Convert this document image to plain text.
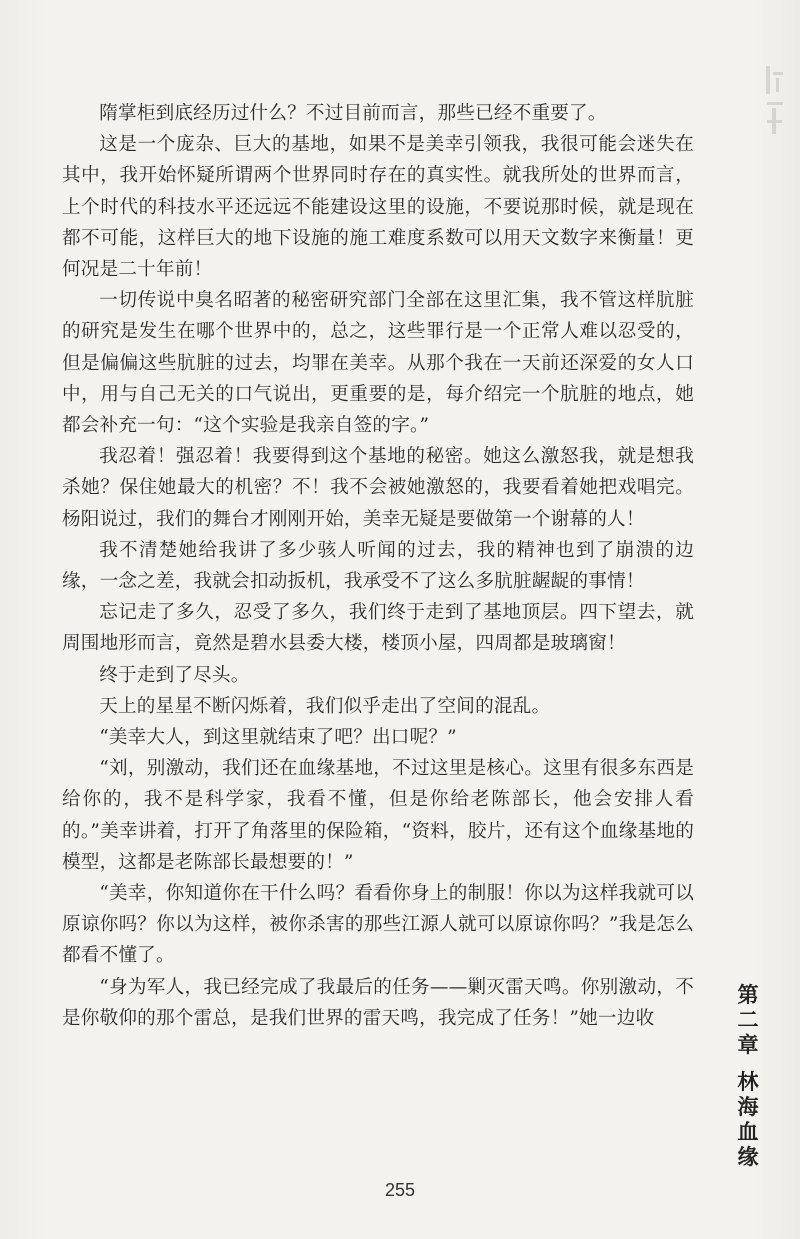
隋掌柜到底经历过什么？不过目前而言，那些已经不重要了。

这是一个庞杂、巨大的基地，如果不是美幸引领我，我很可能会迷失在其中，我开始怀疑所谓两个世界同时存在的真实性。就我所处的世界而言，上个时代的科技水平还远远不能建设这里的设施，不要说那时候，就是现在都不可能，这样巨大的地下设施的施工难度系数可以用天文数字来衡量！更何况是二十年前！

一切传说中臭名昭著的秘密研究部门全部在这里汇集，我不管这样肮脏的研究是发生在哪个世界中的，总之，这些罪行是一个正常人难以忍受的，但是偏偏这些肮脏的过去，均罪在美幸。从那个我在一天前还深爱的女人口中，用与自己无关的口气说出，更重要的是，每介绍完一个肮脏的地点，她都会补充一句：“这个实验是我亲自签的字。”

我忍着！强忍着！我要得到这个基地的秘密。她这么激怒我，就是想我杀她？保住她最大的机密？不！我不会被她激怒的，我要看着她把戏唱完。杨阳说过，我们的舞台才刚刚开始，美幸无疑是要做第一个谢幕的人！

我不清楚她给我讲了多少骇人听闻的过去，我的精神也到了崩溃的边缘，一念之差，我就会扣动扳机，我承受不了这么多肮脏龌龊的事情！

忘记走了多久，忍受了多久，我们终于走到了基地顶层。四下望去，就周围地形而言，竟然是碧水县委大楼，楼顶小屋，四周都是玻璃窗！

终于走到了尽头。

天上的星星不断闪烁着，我们似乎走出了空间的混乱。

“美幸大人，到这里就结束了吧？出口呢？”

“刘，别激动，我们还在血缘基地，不过这里是核心。这里有很多东西是给你的，我不是科学家，我看不懂，但是你给老陈部长，他会安排人看的。”美幸讲着，打开了角落里的保险箱，“资料，胶片，还有这个血缘基地的模型，这都是老陈部长最想要的！”

“美幸，你知道你在干什么吗？看看你身上的制服！你以为这样我就可以原谅你吗？你以为这样，被你杀害的那些江源人就可以原谅你吗？”我是怎么都看不懂了。

“身为军人，我已经完成了我最后的任务——剿灭雷天鸣。你别激动，不是你敬仰的那个雷总，是我们世界的雷天鸣，我完成了任务！”她一边收

第
二
章
林
海
血
缘
255
